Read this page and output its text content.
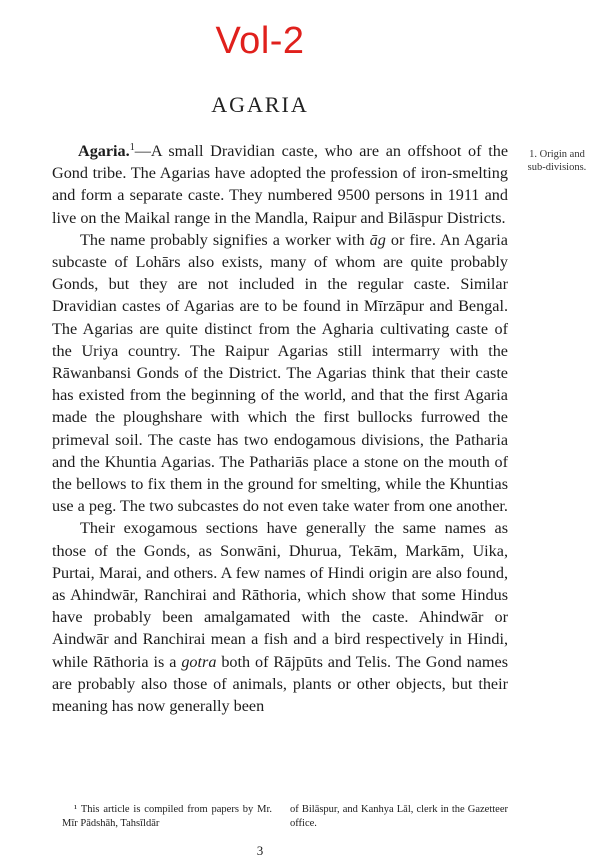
Vol-2
AGARIA
1. Origin and sub-divisions.

Agaria.$^1$—A small Dravidian caste, who are an offshoot of the Gond tribe. The Agarias have adopted the profession of iron-smelting and form a separate caste. They numbered 9500 persons in 1911 and live on the Maikal range in the Mandla, Raipur and Bilāspur Districts.

The name probably signifies a worker with āg or fire. An Agaria subcaste of Lohārs also exists, many of whom are quite probably Gonds, but they are not included in the regular caste. Similar Dravidian castes of Agarias are to be found in Mīrzāpur and Bengal. The Agarias are quite distinct from the Agharia cultivating caste of the Uriya country. The Raipur Agarias still intermarry with the Rāwanbansi Gonds of the District. The Agarias think that their caste has existed from the beginning of the world, and that the first Agaria made the ploughshare with which the first bullocks furrowed the primeval soil. The caste has two endogamous divisions, the Patharia and the Khuntia Agarias. The Pathariās place a stone on the mouth of the bellows to fix them in the ground for smelting, while the Khuntias use a peg. The two subcastes do not even take water from one another.

Their exogamous sections have generally the same names as those of the Gonds, as Sonwāni, Dhurua, Tekām, Markām, Uika, Purtai, Marai, and others. A few names of Hindi origin are also found, as Ahindwār, Ranchirai and Rāthoria, which show that some Hindus have probably been amalgamated with the caste. Ahindwār or Aindwār and Ranchirai mean a fish and a bird respectively in Hindi, while Rāthoria is a gotra both of Rājpūts and Telis. The Gond names are probably also those of animals, plants or other objects, but their meaning has now generally been

¹ This article is compiled from papers by Mr. Mīr Pādshāh, Tahsīldār
of Bilāspur, and Kanhya Lāl, clerk in the Gazetteer office.
3
